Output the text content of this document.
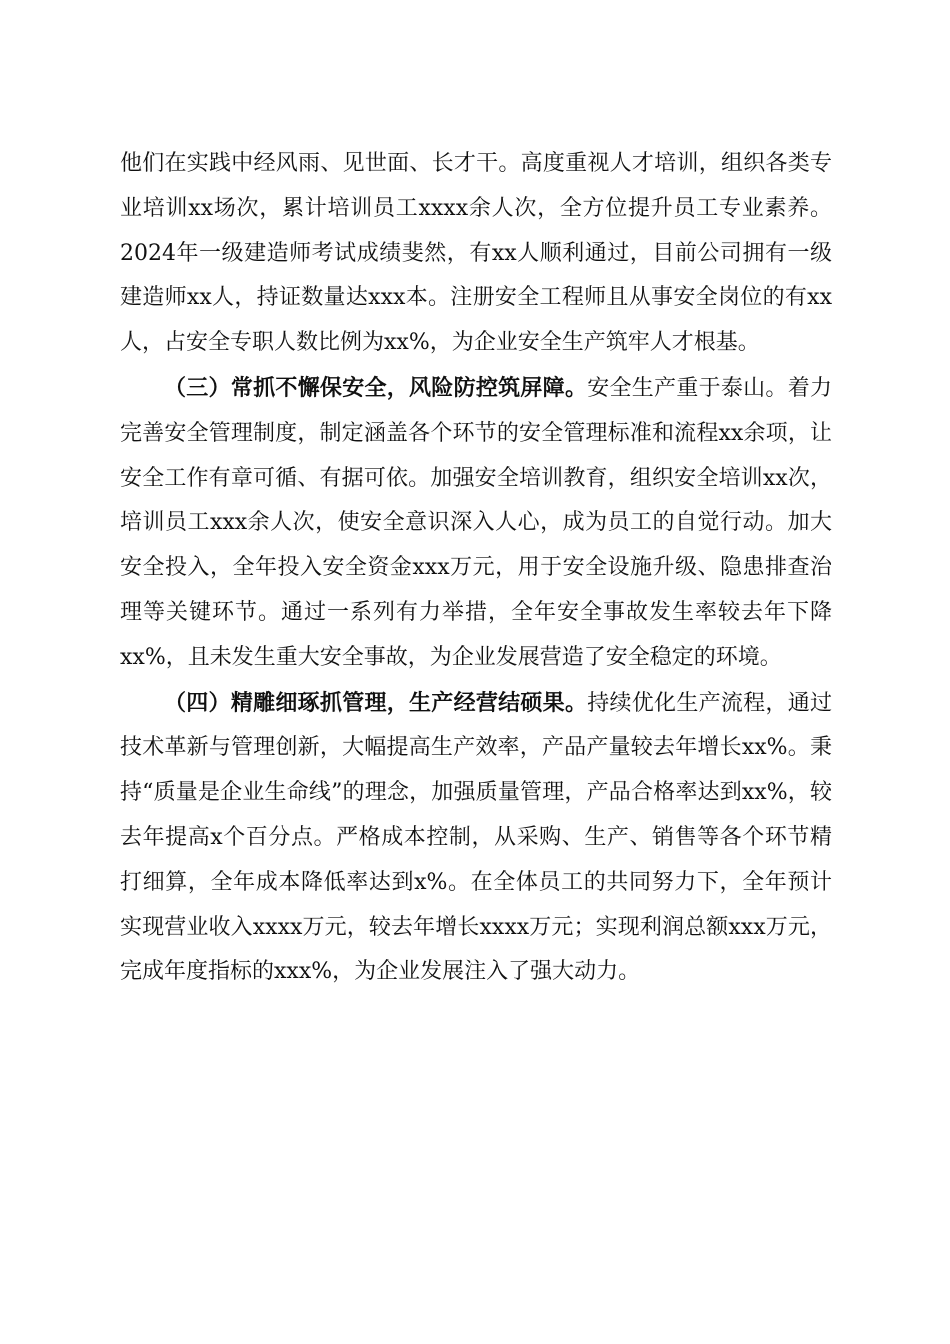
他们在实践中经风雨、见世面、长才干。高度重视人才培训，组织各类专业培训xx场次，累计培训员工xxxx余人次，全方位提升员工专业素养。2024年一级建造师考试成绩斐然，有xx人顺利通过，目前公司拥有一级建造师xx人，持证数量达xxx本。注册安全工程师且从事安全岗位的有xx人，占安全专职人数比例为xx%，为企业安全生产筑牢人才根基。

（三）常抓不懈保安全，风险防控筑屏障。安全生产重于泰山。着力完善安全管理制度，制定涵盖各个环节的安全管理标准和流程xx余项，让安全工作有章可循、有据可依。加强安全培训教育，组织安全培训xx次，培训员工xxx余人次，使安全意识深入人心，成为员工的自觉行动。加大安全投入，全年投入安全资金xxx万元，用于安全设施升级、隐患排查治理等关键环节。通过一系列有力举措，全年安全事故发生率较去年下降xx%，且未发生重大安全事故，为企业发展营造了安全稳定的环境。

（四）精雕细琢抓管理，生产经营结硕果。持续优化生产流程，通过技术革新与管理创新，大幅提高生产效率，产品产量较去年增长xx%。秉持“质量是企业生命线”的理念，加强质量管理，产品合格率达到xx%，较去年提高x个百分点。严格成本控制，从采购、生产、销售等各个环节精打细算，全年成本降低率达到x%。在全体员工的共同努力下，全年预计实现营业收入xxxx万元，较去年增长xxxx万元；实现利润总额xxx万元，完成年度指标的xxx%，为企业发展注入了强大动力。
